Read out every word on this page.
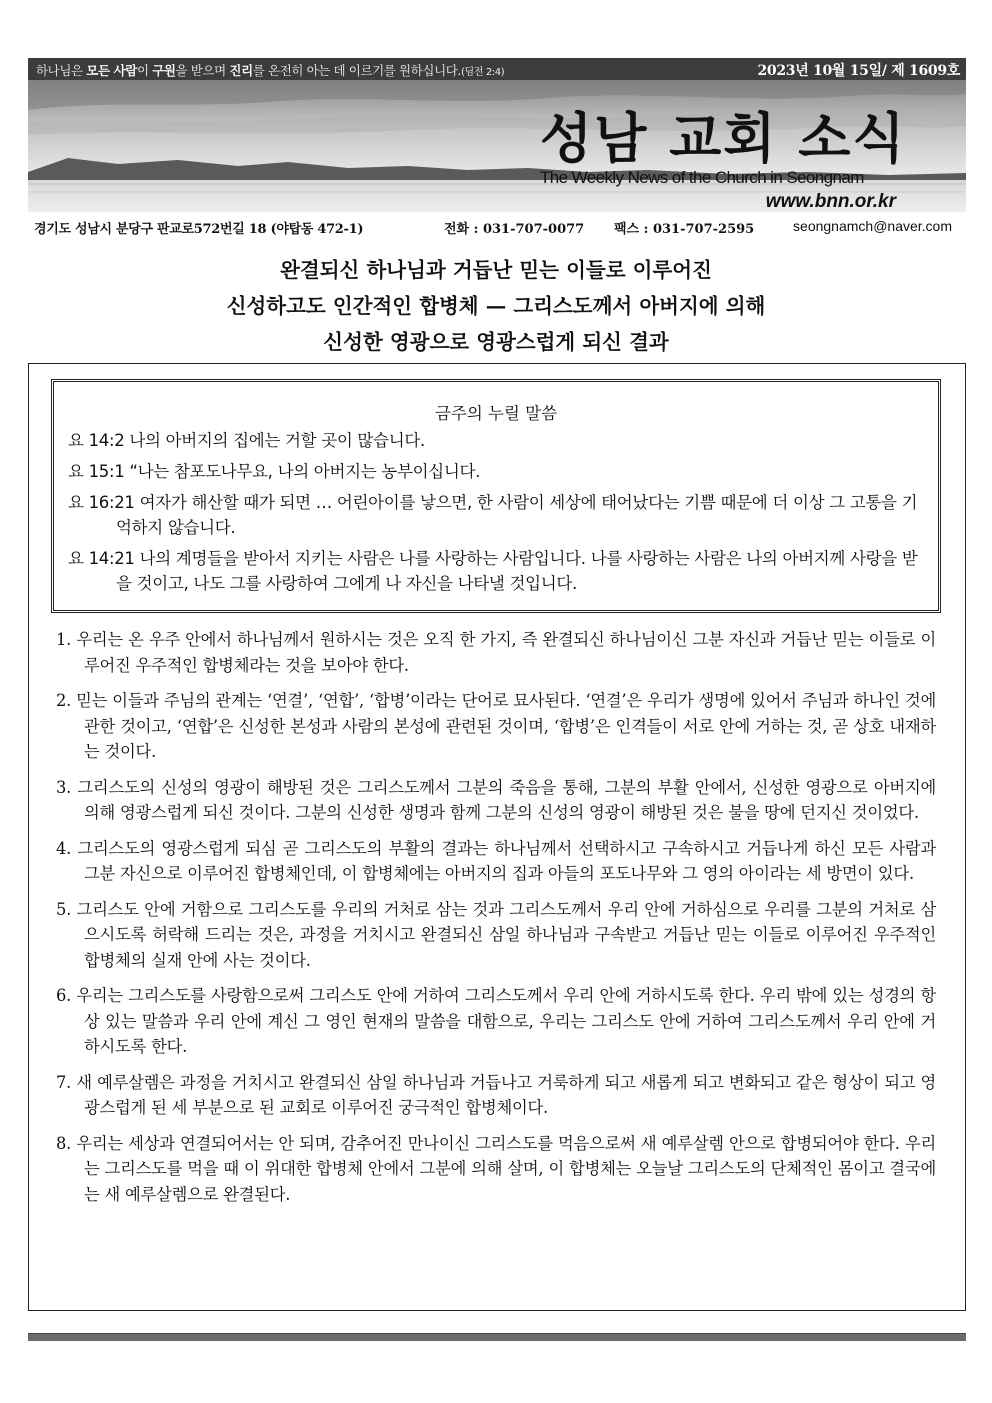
하나님은 모든 사람이 구원을 받으며 진리를 온전히 아는 데 이르기를 원하십니다.(딤전 2:4)	2023년 10월 15일/ 제 1609호
성남 교회 소식
The Weekly News of the Church in Seongnam
www.bnn.or.kr
경기도 성남시 분당구 판교로572번길 18 (야탑동 472-1)	전화 : 031-707-0077 팩스 : 031-707-2595	seongnamch@naver.com
완결되신 하나님과 거듭난 믿는 이들로 이루어진
신성하고도 인간적인 합병체 — 그리스도께서 아버지에 의해
신성한 영광으로 영광스럽게 되신 결과
금주의 누릴 말씀
요 14:2 나의 아버지의 집에는 거할 곳이 많습니다.
요 15:1 “나는 참포도나무요, 나의 아버지는 농부이십니다.
요 16:21 여자가 해산할 때가 되면 … 어린아이를 낳으면, 한 사람이 세상에 태어났다는 기쁨 때문에 더 이상 그 고통을 기억하지 않습니다.
요 14:21 나의 계명들을 받아서 지키는 사람은 나를 사랑하는 사람입니다. 나를 사랑하는 사람은 나의 아버지께 사랑을 받을 것이고, 나도 그를 사랑하여 그에게 나 자신을 나타낼 것입니다.
1. 우리는 온 우주 안에서 하나님께서 원하시는 것은 오직 한 가지, 즉 완결되신 하나님이신 그분 자신과 거듭난 믿는 이들로 이루어진 우주적인 합병체라는 것을 보아야 한다.
2. 믿는 이들과 주님의 관계는 ‘연결’, ‘연합’, ‘합병’이라는 단어로 묘사된다. ‘연결’은 우리가 생명에 있어서 주님과 하나인 것에 관한 것이고, ‘연합’은 신성한 본성과 사람의 본성에 관련된 것이며, ‘합병’은 인격들이 서로 안에 거하는 것, 곧 상호 내재하는 것이다.
3. 그리스도의 신성의 영광이 해방된 것은 그리스도께서 그분의 죽음을 통해, 그분의 부활 안에서, 신성한 영광으로 아버지에 의해 영광스럽게 되신 것이다. 그분의 신성한 생명과 함께 그분의 신성의 영광이 해방된 것은 불을 땅에 던지신 것이었다.
4. 그리스도의 영광스럽게 되심 곧 그리스도의 부활의 결과는 하나님께서 선택하시고 구속하시고 거듭나게 하신 모든 사람과 그분 자신으로 이루어진 합병체인데, 이 합병체에는 아버지의 집과 아들의 포도나무와 그 영의 아이라는 세 방면이 있다.
5. 그리스도 안에 거함으로 그리스도를 우리의 거처로 삼는 것과 그리스도께서 우리 안에 거하심으로 우리를 그분의 거처로 삼으시도록 허락해 드리는 것은, 과정을 거치시고 완결되신 삼일 하나님과 구속받고 거듭난 믿는 이들로 이루어진 우주적인 합병체의 실재 안에 사는 것이다.
6. 우리는 그리스도를 사랑함으로써 그리스도 안에 거하여 그리스도께서 우리 안에 거하시도록 한다. 우리 밖에 있는 성경의 항상 있는 말씀과 우리 안에 계신 그 영인 현재의 말씀을 대함으로, 우리는 그리스도 안에 거하여 그리스도께서 우리 안에 거하시도록 한다.
7. 새 예루살렘은 과정을 거치시고 완결되신 삼일 하나님과 거듭나고 거룩하게 되고 새롭게 되고 변화되고 같은 형상이 되고 영광스럽게 된 세 부분으로 된 교회로 이루어진 궁극적인 합병체이다.
8. 우리는 세상과 연결되어서는 안 되며, 감추어진 만나이신 그리스도를 먹음으로써 새 예루살렘 안으로 합병되어야 한다. 우리는 그리스도를 먹을 때 이 위대한 합병체 안에서 그분에 의해 살며, 이 합병체는 오늘날 그리스도의 단체적인 몸이고 결국에는 새 예루살렘으로 완결된다.
